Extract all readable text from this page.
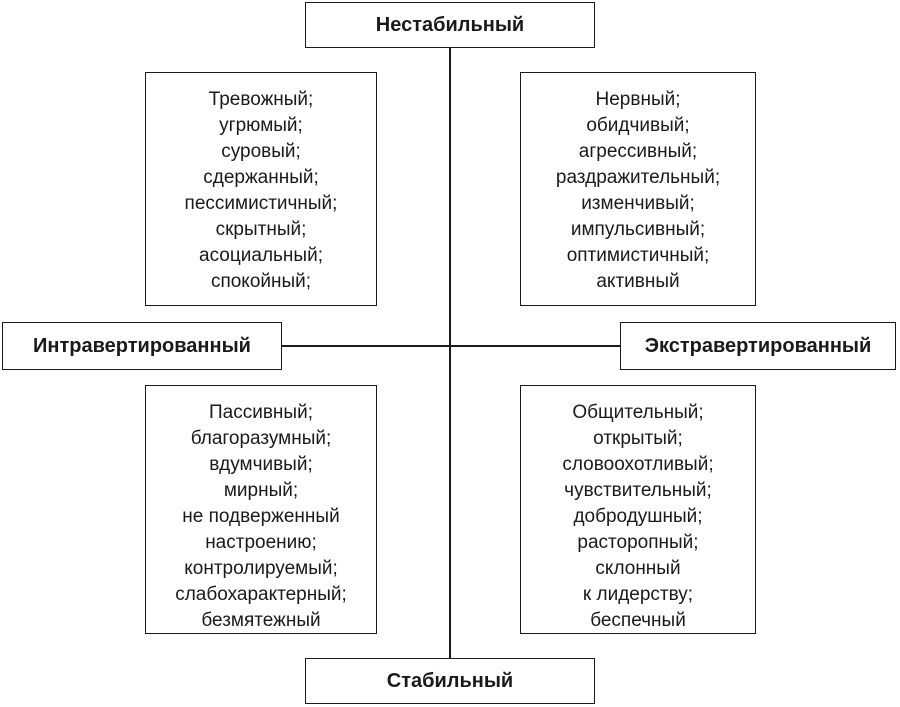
Нестабильный
Стабильный
Интравертированный	Экстравертированный
Тревожный;
угрюмый;
суровый;
сдержанный;
пессимистичный;
скрытный;
асоциальный;
спокойный;
Нервный;
обидчивый;
агрессивный;
раздражительный;
изменчивый;
импульсивный;
оптимистичный;
активный
Пассивный;
благоразумный;
вдумчивый;
мирный;
не подверженный
настроению;
контролируемый;
слабохарактерный;
безмятежный
Общительный;
открытый;
словоохотливый;
чувствительный;
добродушный;
расторопный;
склонный
к лидерству;
беспечный
